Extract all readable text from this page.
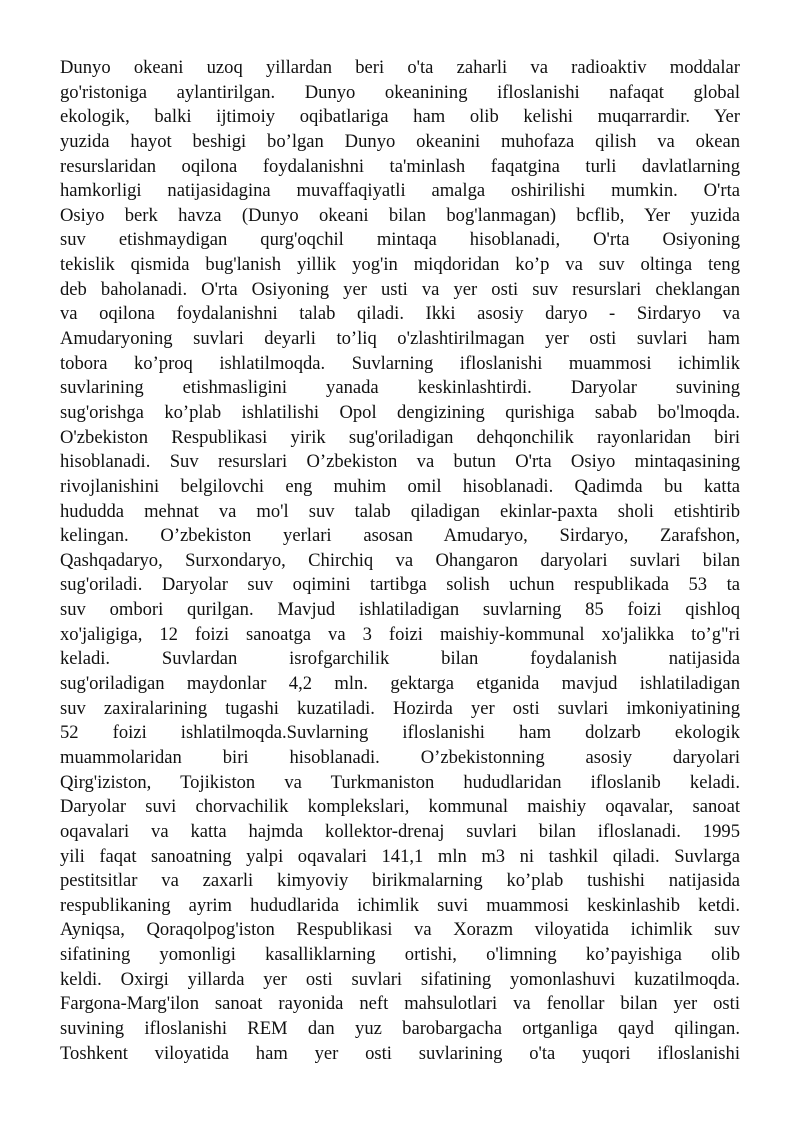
Dunyo okeani uzoq yillardan beri o'ta zaharli va radioaktiv moddalar
go'ristoniga aylantirilgan. Dunyo okeanining ifloslanishi nafaqat global
ekologik, balki ijtimoiy oqibatlariga ham olib kelishi muqarrardir. Yer
yuzida hayot beshigi bo’lgan Dunyo okeanini muhofaza qilish va okean
resurslaridan oqilona foydalanishni ta'minlash faqatgina turli davlatlarning
hamkorligi natijasidagina muvaffaqiyatli amalga oshirilishi mumkin. O'rta
Osiyo berk havza (Dunyo okeani bilan bog'lanmagan) bcflib, Yer yuzida
suv etishmaydigan qurg'oqchil mintaqa hisoblanadi, O'rta Osiyoning
tekislik qismida bug'lanish yillik yog'in miqdoridan ko’p va suv oltinga teng
deb baholanadi. O'rta Osiyoning yer usti va yer osti suv resurslari cheklangan
va oqilona foydalanishni talab qiladi. Ikki asosiy daryo - Sirdaryo va
Amudaryoning suvlari deyarli to’liq o'zlashtirilmagan yer osti suvlari ham
tobora ko’proq ishlatilmoqda. Suvlarning ifloslanishi muammosi ichimlik
suvlarining etishmasligini yanada keskinlashtirdi. Daryolar suvining
sug'orishga ko’plab ishlatilishi Opol dengizining qurishiga sabab bo'lmoqda.
O'zbekiston Respublikasi yirik sug'oriladigan dehqonchilik rayonlaridan biri
hisoblanadi. Suv resurslari O’zbekiston va butun O'rta Osiyo mintaqasining
rivojlanishini belgilovchi eng muhim omil hisoblanadi. Qadimda bu katta
hududda mehnat va mo'l suv talab qiladigan ekinlar-paxta sholi etishtirib
kelingan. O’zbekiston yerlari asosan Amudaryo, Sirdaryo, Zarafshon,
Qashqadaryo, Surxondaryo, Chirchiq va Ohangaron daryolari suvlari bilan
sug'oriladi. Daryolar suv oqimini tartibga solish uchun respublikada 53 ta
suv ombori qurilgan. Mavjud ishlatiladigan suvlarning 85 foizi qishloq
xo'jaligiga, 12 foizi sanoatga va 3 foizi maishiy-kommunal xo'jalikka to’g"ri
keladi. Suvlardan isrofgarchilik bilan foydalanish natijasida
sug'oriladigan maydonlar 4,2 mln. gektarga etganida mavjud ishlatiladigan
suv zaxiralarining tugashi kuzatiladi. Hozirda yer osti suvlari imkoniyatining
52 foizi ishlatilmoqda.Suvlarning ifloslanishi ham dolzarb ekologik
muammolaridan biri hisoblanadi. O’zbekistonning asosiy daryolari
Qirg'iziston, Tojikiston va Turkmaniston hududlaridan ifloslanib keladi.
Daryolar suvi chorvachilik komplekslari, kommunal maishiy oqavalar, sanoat
oqavalari va katta hajmda kollektor-drenaj suvlari bilan ifloslanadi. 1995
yili faqat sanoatning yalpi oqavalari 141,1 mln m3 ni tashkil qiladi. Suvlarga
pestitsitlar va zaxarli kimyoviy birikmalarning ko’plab tushishi natijasida
respublikaning ayrim hududlarida ichimlik suvi muammosi keskinlashib ketdi.
Ayniqsa, Qoraqolpog'iston Respublikasi va Xorazm viloyatida ichimlik suv
sifatining yomonligi kasalliklarning ortishi, o'limning ko’payishiga olib
keldi. Oxirgi yillarda yer osti suvlari sifatining yomonlashuvi kuzatilmoqda.
Fargona-Marg'ilon sanoat rayonida neft mahsulotlari va fenollar bilan yer osti
suvining ifloslanishi REM dan yuz barobargacha ortganliga qayd qilingan.
Toshkent viloyatida ham yer osti suvlarining o'ta yuqori ifloslanishi
